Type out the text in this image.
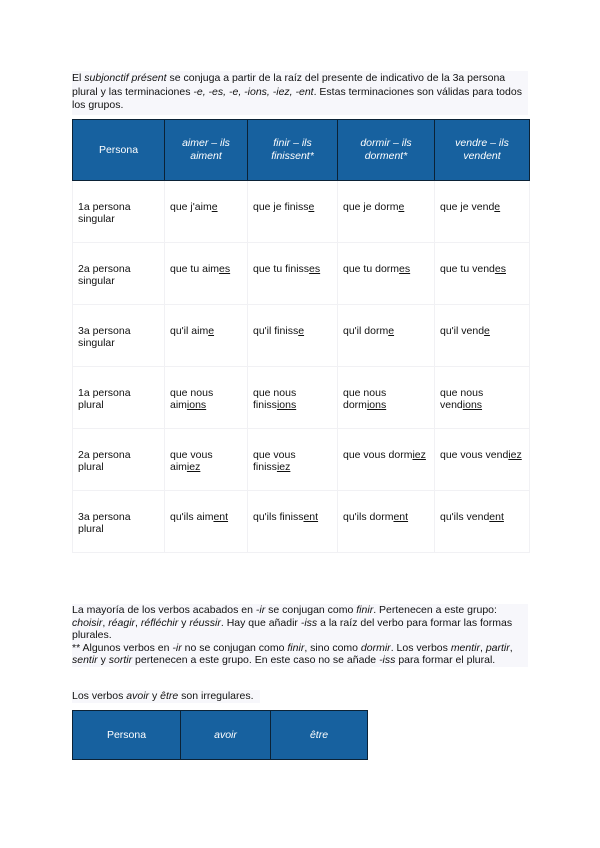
El subjonctif présent se conjuga a partir de la raíz del presente de indicativo de la 3a persona plural y las terminaciones -e, -es, -e, -ions, -iez, -ent. Estas terminaciones son válidas para todos los grupos.
Persona	aimer – ils aiment	finir – ils finissent*	dormir – ils dorment*	vendre – ils vendent
1a persona singular	que j'aime	que je finisse	que je dorme	que je vende
2a persona singular	que tu aimes	que tu finisses	que tu dormes	que tu vendes
3a persona singular	qu'il aime	qu'il finisse	qu'il dorme	qu'il vende
1a persona plural	que nous aimions	que nous finissions	que nous dormions	que nous vendions
2a persona plural	que vous aimiez	que vous finissiez	que vous dormiez	que vous vendiez
3a persona plural	qu'ils aiment	qu'ils finissent	qu'ils dorment	qu'ils vendent
La mayoría de los verbos acabados en -ir se conjugan como finir. Pertenecen a este grupo: choisir, réagir, réfléchir y réussir. Hay que añadir -iss a la raíz del verbo para formar las formas plurales.
** Algunos verbos en -ir no se conjugan como finir, sino como dormir. Los verbos mentir, partir, sentir y sortir pertenecen a este grupo. En este caso no se añade -iss para formar el plural.
Los verbos avoir y être son irregulares.
Persona	avoir	être
